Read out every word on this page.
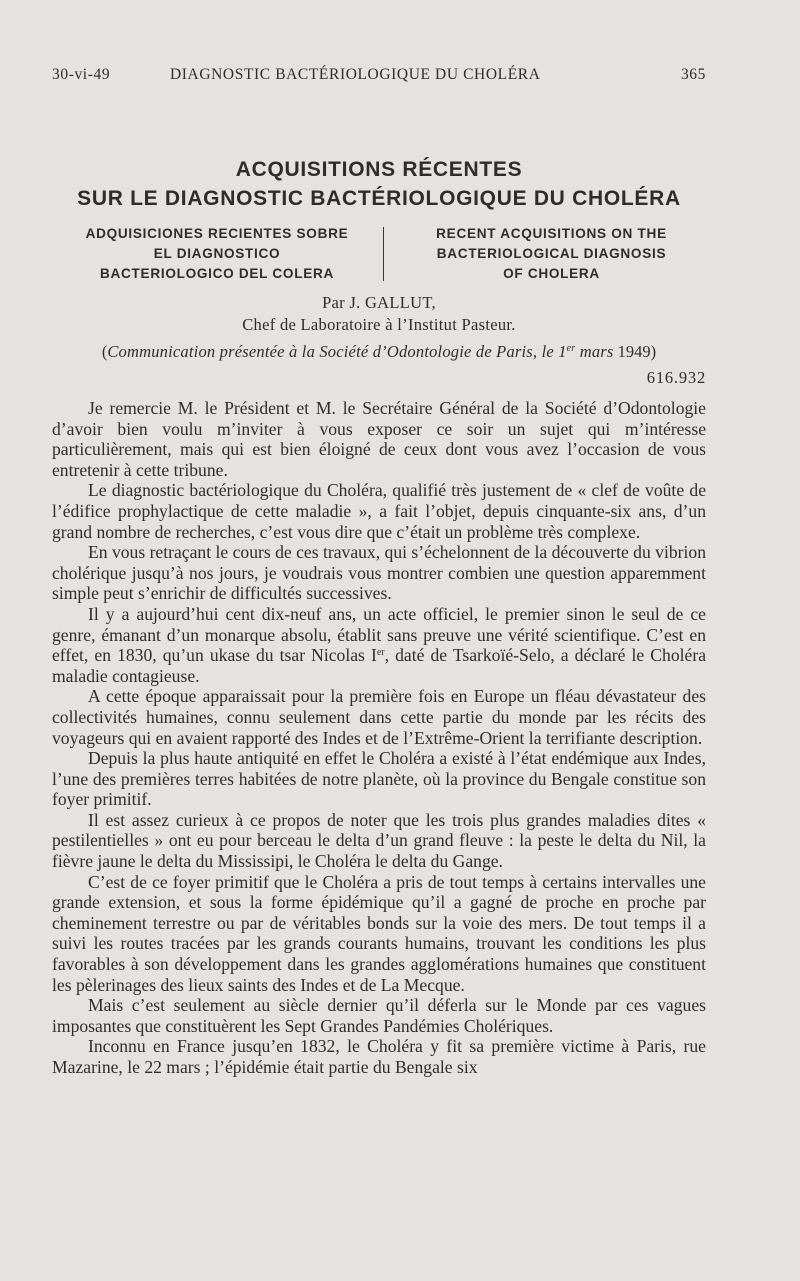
30-vi-49	DIAGNOSTIC BACTÉRIOLOGIQUE DU CHOLÉRA	365
ACQUISITIONS RÉCENTES
SUR LE DIAGNOSTIC BACTÉRIOLOGIQUE DU CHOLÉRA
ADQUISICIONES RECIENTES SOBRE
EL DIAGNOSTICO
BACTERIOLOGICO DEL COLERA
RECENT ACQUISITIONS ON THE
BACTERIOLOGICAL DIAGNOSIS
OF CHOLERA
Par J. GALLUT,
Chef de Laboratoire à l’Institut Pasteur.
(Communication présentée à la Société d’Odontologie de Paris, le 1er mars 1949)
616.932

Je remercie M. le Président et M. le Secrétaire Général de la Société d’Odontologie d’avoir bien voulu m’inviter à vous exposer ce soir un sujet qui m’intéresse particulièrement, mais qui est bien éloigné de ceux dont vous avez l’occasion de vous entretenir à cette tribune.

Le diagnostic bactériologique du Choléra, qualifié très justement de « clef de voûte de l’édifice prophylactique de cette maladie », a fait l’objet, depuis cinquante-six ans, d’un grand nombre de recherches, c’est vous dire que c’était un problème très complexe.

En vous retraçant le cours de ces travaux, qui s’échelonnent de la découverte du vibrion cholérique jusqu’à nos jours, je voudrais vous montrer combien une question apparemment simple peut s’enrichir de difficultés successives.

Il y a aujourd’hui cent dix-neuf ans, un acte officiel, le premier sinon le seul de ce genre, émanant d’un monarque absolu, établit sans preuve une vérité scientifique. C’est en effet, en 1830, qu’un ukase du tsar Nicolas Ier, daté de Tsarkoïé-Selo, a déclaré le Choléra maladie contagieuse.

A cette époque apparaissait pour la première fois en Europe un fléau dévastateur des collectivités humaines, connu seulement dans cette partie du monde par les récits des voyageurs qui en avaient rapporté des Indes et de l’Extrême-Orient la terrifiante description.

Depuis la plus haute antiquité en effet le Choléra a existé à l’état endémique aux Indes, l’une des premières terres habitées de notre planète, où la province du Bengale constitue son foyer primitif.

Il est assez curieux à ce propos de noter que les trois plus grandes maladies dites « pestilentielles » ont eu pour berceau le delta d’un grand fleuve : la peste le delta du Nil, la fièvre jaune le delta du Mississipi, le Choléra le delta du Gange.

C’est de ce foyer primitif que le Choléra a pris de tout temps à certains intervalles une grande extension, et sous la forme épidémique qu’il a gagné de proche en proche par cheminement terrestre ou par de véritables bonds sur la voie des mers. De tout temps il a suivi les routes tracées par les grands courants humains, trouvant les conditions les plus favorables à son développement dans les grandes agglomérations humaines que constituent les pèlerinages des lieux saints des Indes et de La Mecque.

Mais c’est seulement au siècle dernier qu’il déferla sur le Monde par ces vagues imposantes que constituèrent les Sept Grandes Pandémies Cholériques.

Inconnu en France jusqu’en 1832, le Choléra y fit sa première victime à Paris, rue Mazarine, le 22 mars ; l’épidémie était partie du Bengale six
